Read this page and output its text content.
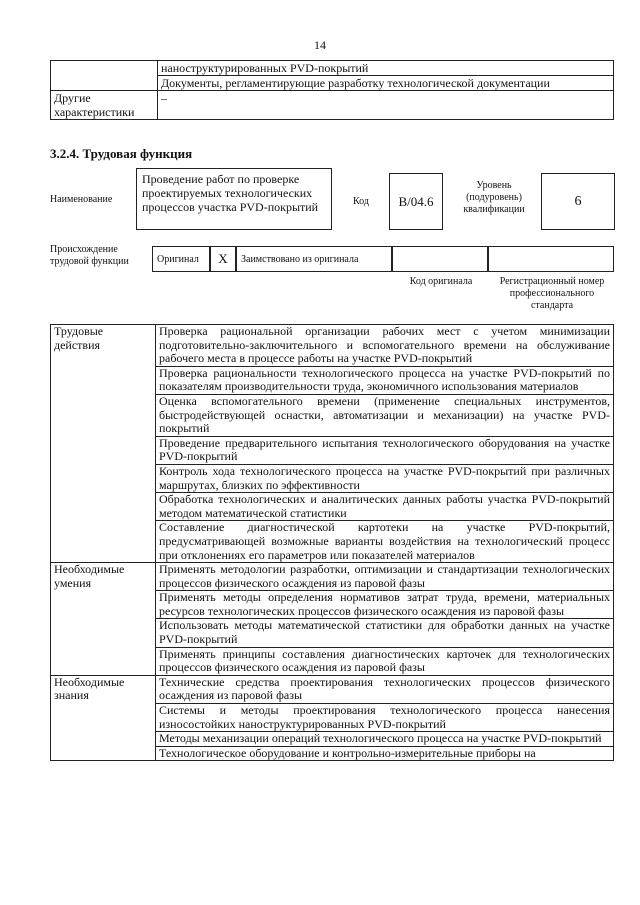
14
	наноструктурированных PVD-покрытий
	Документы, регламентирующие разработку технологической документации
Другие характеристики	–
3.2.4. Трудовая функция
Наименование
Проведение работ по проверке проектируемых технологических процессов участка PVD-покрытий	Код	B/04.6
Уровень (подуровень) квалификации
6
Происхождение трудовой функции	Оригинал	X	Заимствовано из оригинала
Код оригинала	Регистрационный номер профессионального стандарта
Трудовые действия	Проверка рациональной организации рабочих мест с учетом минимизации подготовительно-заключительного и вспомогательного времени на обслуживание рабочего места в процессе работы на участке PVD-покрытий
	Проверка рациональности технологического процесса на участке PVD-покрытий по показателям производительности труда, экономичного использования материалов
	Оценка вспомогательного времени (применение специальных инструментов, быстродействующей оснастки, автоматизации и механизации) на участке PVD-покрытий
	Проведение предварительного испытания технологического оборудования на участке PVD-покрытий
	Контроль хода технологического процесса на участке PVD-покрытий при различных маршрутах, близких по эффективности
	Обработка технологических и аналитических данных работы участка PVD-покрытий методом математической статистики
	Составление диагностической картотеки на участке PVD-покрытий, предусматривающей возможные варианты воздействия на технологический процесс при отклонениях его параметров или показателей материалов
Необходимые умения	Применять методологии разработки, оптимизации и стандартизации технологических процессов физического осаждения из паровой фазы
	Применять методы определения нормативов затрат труда, времени, материальных ресурсов технологических процессов физического осаждения из паровой фазы
	Использовать методы математической статистики для обработки данных на участке PVD-покрытий
	Применять принципы составления диагностических карточек для технологических процессов физического осаждения из паровой фазы
Необходимые знания	Технические средства проектирования технологических процессов физического осаждения из паровой фазы
	Системы и методы проектирования технологического процесса нанесения износостойких наноструктурированных PVD-покрытий
	Методы механизации операций технологического процесса на участке PVD-покрытий
	Технологическое оборудование и контрольно-измерительные приборы на
